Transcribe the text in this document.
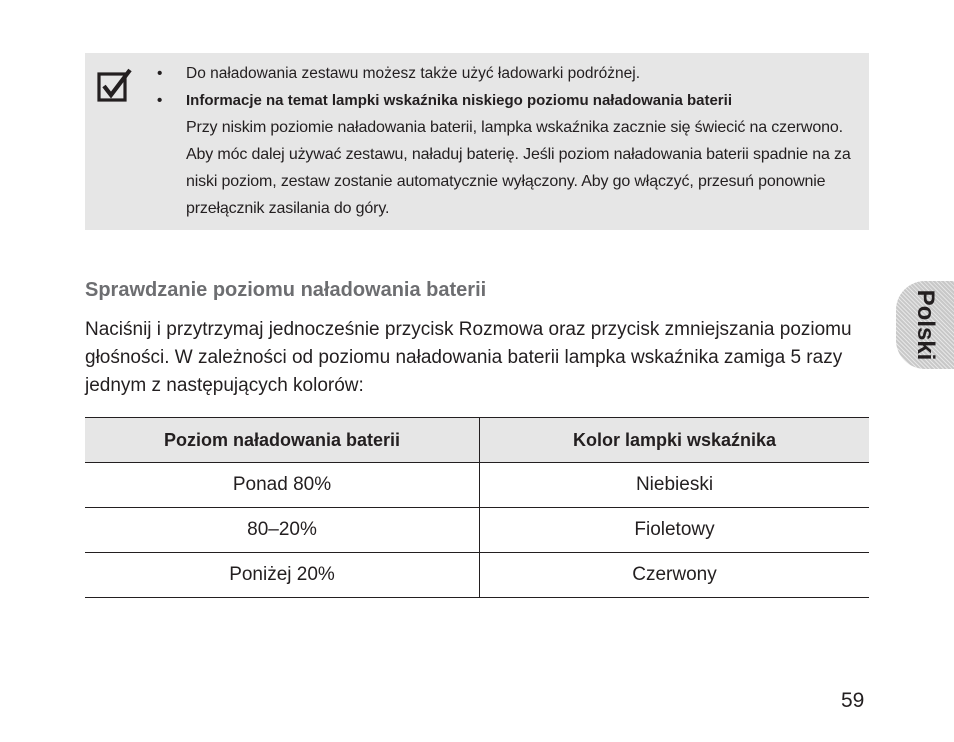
• Do naładowania zestawu możesz także użyć ładowarki podróżnej.
• Informacje na temat lampki wskaźnika niskiego poziomu naładowania baterii
Przy niskim poziomie naładowania baterii, lampka wskaźnika zacznie się świecić na czerwono. Aby móc dalej używać zestawu, naładuj baterię. Jeśli poziom naładowania baterii spadnie na za niski poziom, zestaw zostanie automatycznie wyłączony. Aby go włączyć, przesuń ponownie przełącznik zasilania do góry.
Sprawdzanie poziomu naładowania baterii

Naciśnij i przytrzymaj jednocześnie przycisk Rozmowa oraz przycisk zmniejszania poziomu głośności. W zależności od poziomu naładowania baterii lampka wskaźnika zamiga 5 razy jednym z następujących kolorów:

Poziom naładowania baterii	Kolor lampki wskaźnika
Ponad 80%	Niebieski
80–20%	Fioletowy
Poniżej 20%	Czerwony
Polski
59
